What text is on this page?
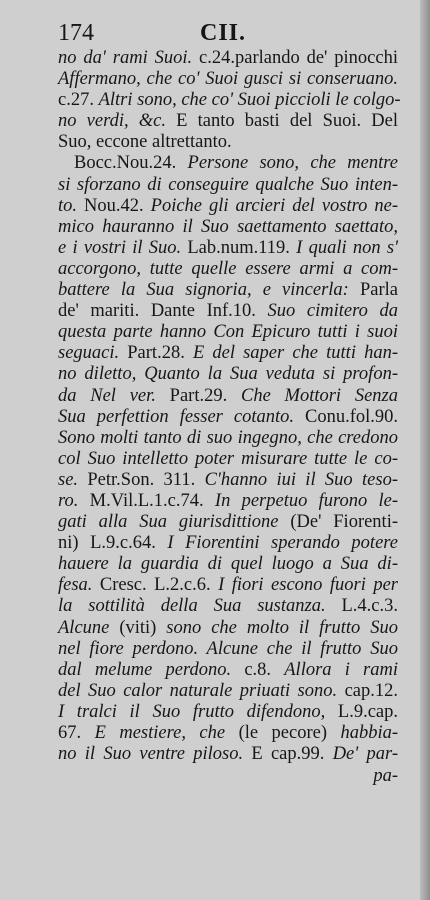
174	CII.
no da' rami Suoi. c.24.parlando de' pinocchi
Affermano, che co' Suoi gusci si conseruano.
c.27. Altri sono, che co' Suoi piccioli le colgo-
no verdi, &c. E tanto basti del Suoi. Del
Suo, eccone altrettanto.
Bocc.Nou.24. Persone sono, che mentre
si sforzano di conseguire qualche Suo inten-
to. Nou.42. Poiche gli arcieri del vostro ne-
mico hauranno il Suo saettamento saettato,
e i vostri il Suo. Lab.num.119. I quali non s'
accorgono, tutte quelle essere armi a com-
battere la Sua signoria, e vincerla: Parla
de' mariti. Dante Inf.10. Suo cimitero da
questa parte hanno Con Epicuro tutti i suoi
seguaci. Part.28. E del saper che tutti han-
no diletto, Quanto la Sua veduta si profon-
da Nel ver. Part.29. Che Mottori Senza
Sua perfettion fesser cotanto. Conu.fol.90.
Sono molti tanto di suo ingegno, che credono
col Suo intelletto poter misurare tutte le co-
se. Petr.Son. 311. C'hanno iui il Suo teso-
ro. M.Vil.L.1.c.74. In perpetuo furono le-
gati alla Sua giurisdittione (De' Fiorenti-
ni) L.9.c.64. I Fiorentini sperando potere
hauere la guardia di quel luogo a Sua di-
fesa. Cresc. L.2.c.6. I fiori escono fuori per
la sottilità della Sua sustanza. L.4.c.3.
Alcune (viti) sono che molto il frutto Suo
nel fiore perdono. Alcune che il frutto Suo
dal melume perdono. c.8. Allora i rami
del Suo calor naturale priuati sono. cap.12.
I tralci il Suo frutto difendono, L.9.cap.
67. E mestiere, che (le pecore) habbia-
no il Suo ventre piloso. E cap.99. De' par-
pa-
